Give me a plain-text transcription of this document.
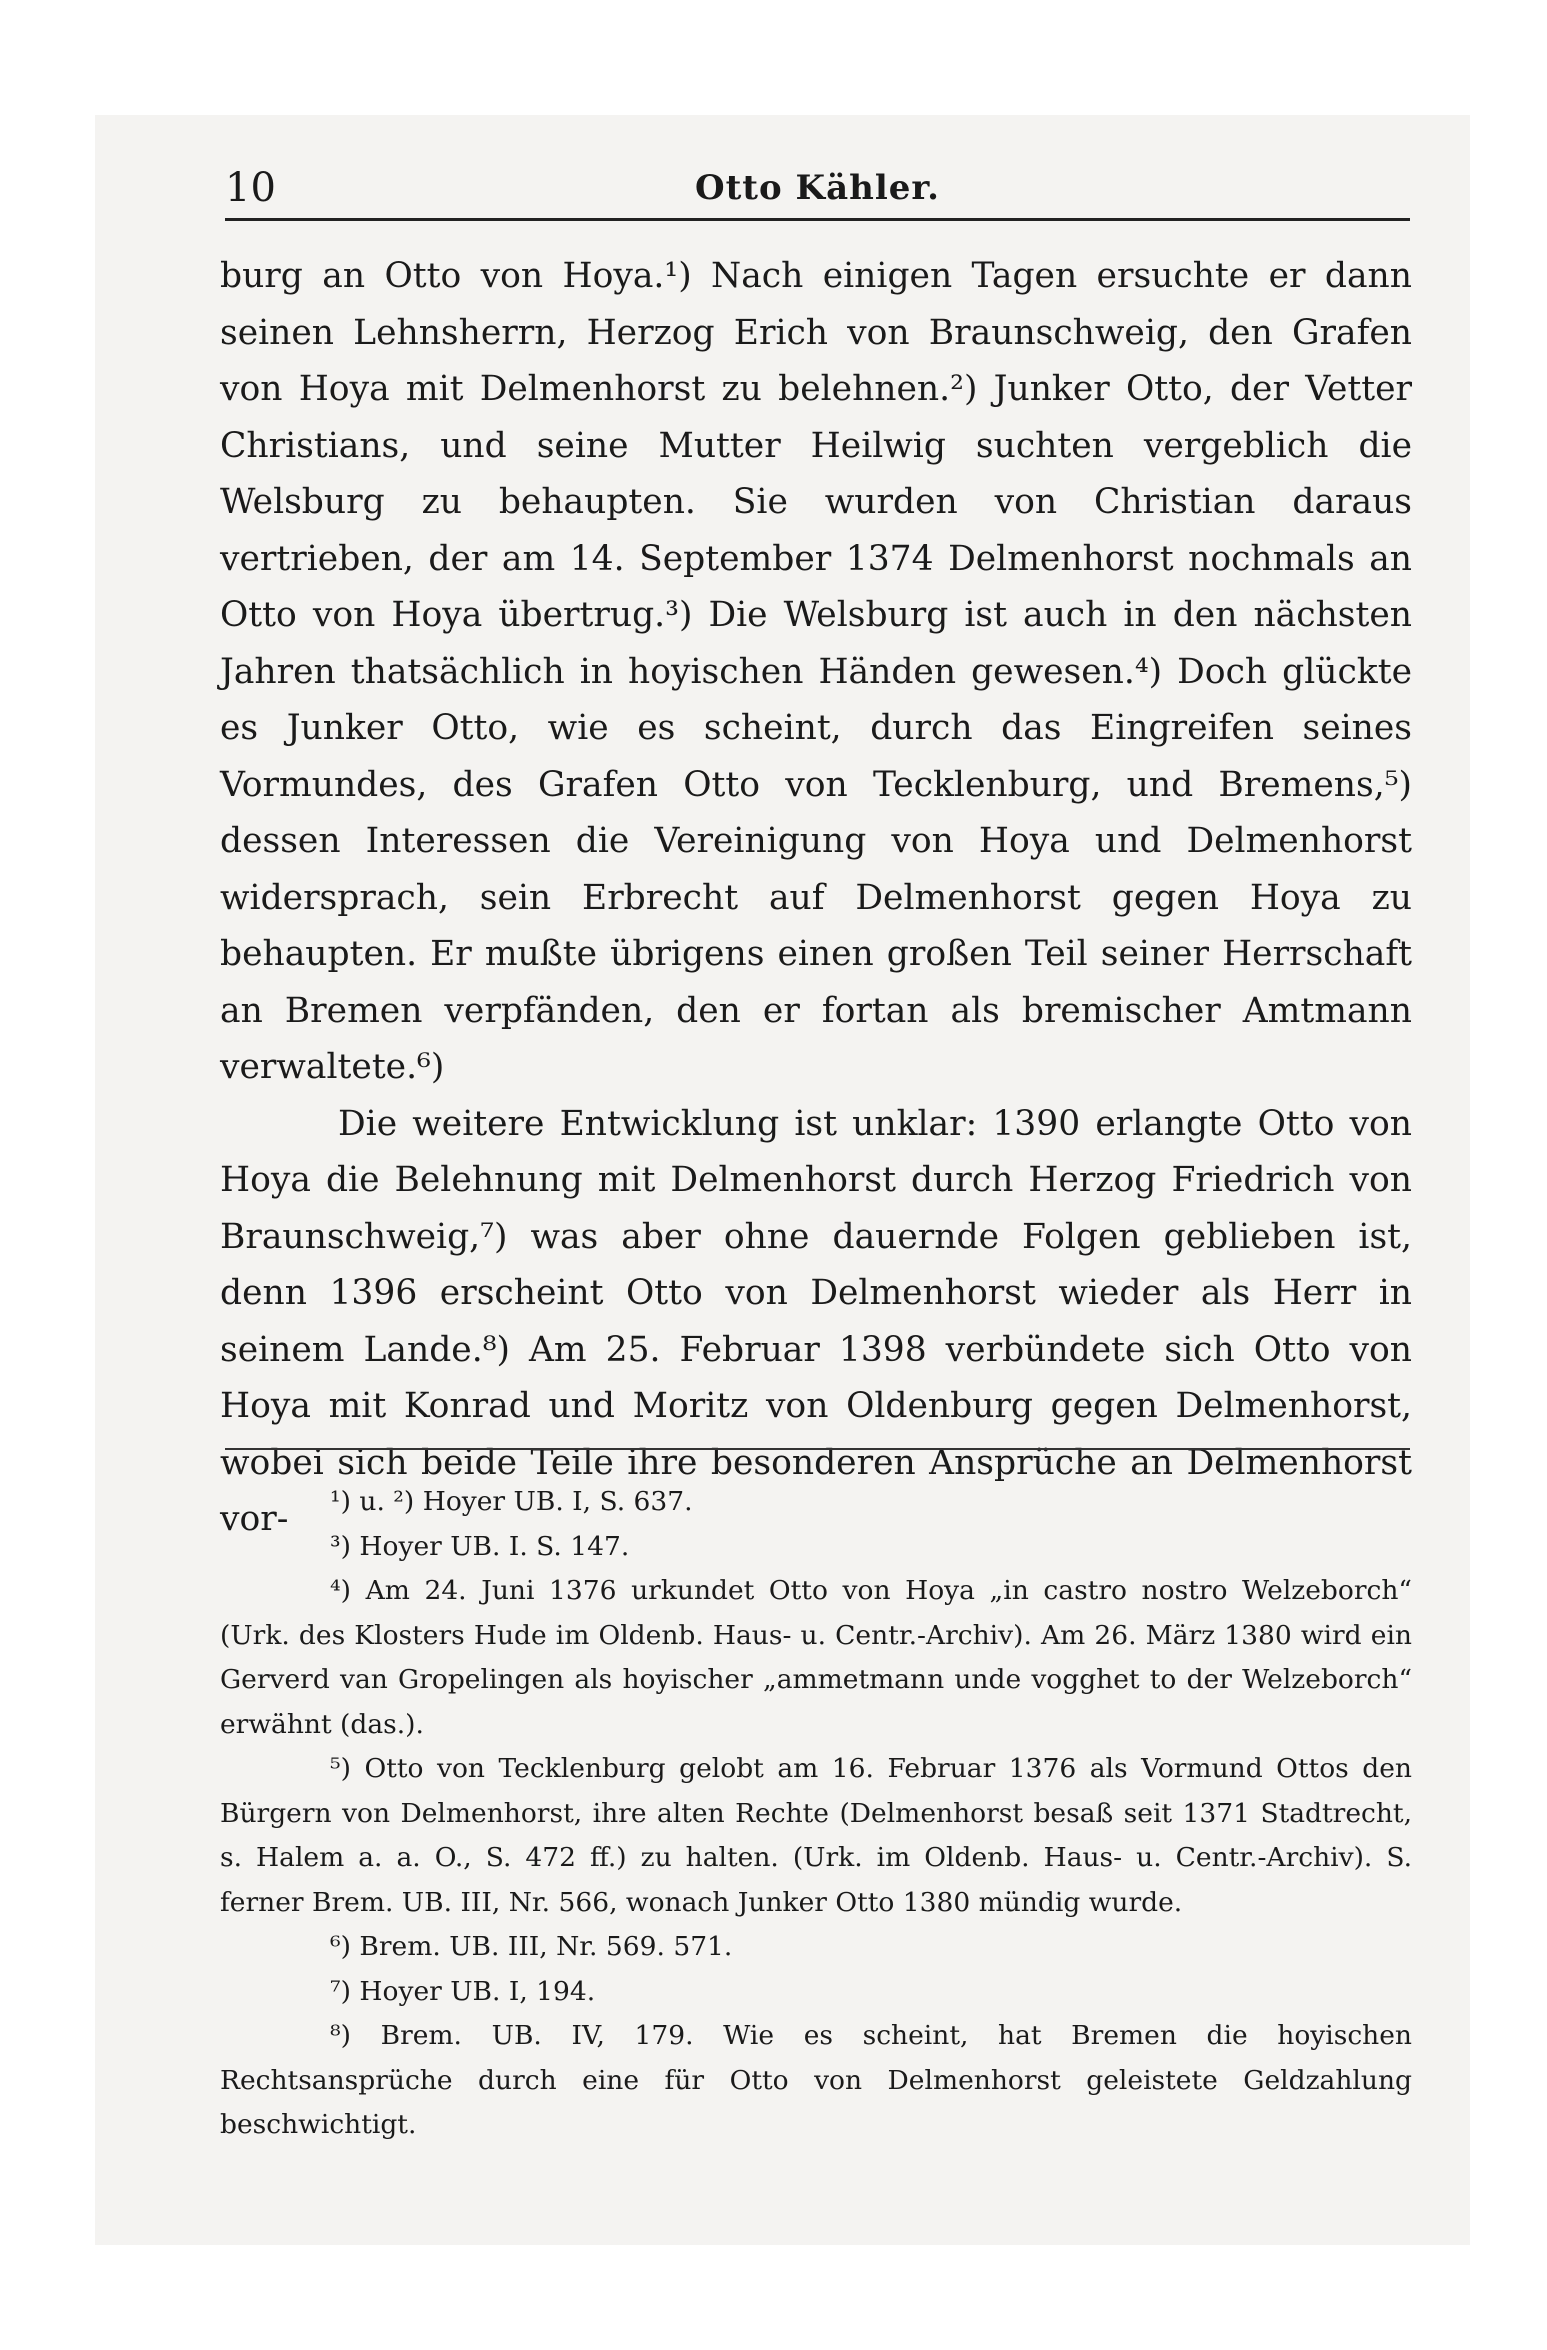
10	Otto Kähler.

burg an Otto von Hoya.¹) Nach einigen Tagen ersuchte er dann seinen Lehnsherrn, Herzog Erich von Braunschweig, den Grafen von Hoya mit Delmenhorst zu belehnen.²) Junker Otto, der Vetter Christians, und seine Mutter Heilwig suchten vergeblich die Welsburg zu behaupten. Sie wurden von Christian daraus vertrieben, der am 14. September 1374 Delmenhorst nochmals an Otto von Hoya übertrug.³) Die Welsburg ist auch in den nächsten Jahren thatsächlich in hoyischen Händen gewesen.⁴) Doch glückte es Junker Otto, wie es scheint, durch das Eingreifen seines Vormundes, des Grafen Otto von Tecklenburg, und Bremens,⁵) dessen Interessen die Vereinigung von Hoya und Delmenhorst widersprach, sein Erbrecht auf Delmenhorst gegen Hoya zu behaupten. Er mußte übrigens einen großen Teil seiner Herrschaft an Bremen verpfänden, den er fortan als bremischer Amtmann verwaltete.⁶)

Die weitere Entwicklung ist unklar: 1390 erlangte Otto von Hoya die Belehnung mit Delmenhorst durch Herzog Friedrich von Braunschweig,⁷) was aber ohne dauernde Folgen geblieben ist, denn 1396 erscheint Otto von Delmenhorst wieder als Herr in seinem Lande.⁸) Am 25. Februar 1398 verbündete sich Otto von Hoya mit Konrad und Moritz von Oldenburg gegen Delmenhorst, wobei sich beide Teile ihre besonderen Ansprüche an Delmenhorst vor-	¹) u. ²) Hoyer UB. I, S. 637.

³) Hoyer UB. I. S. 147.

⁴) Am 24. Juni 1376 urkundet Otto von Hoya „in castro nostro Welzeborch“ (Urk. des Klosters Hude im Oldenb. Haus- u. Centr.-Archiv). Am 26. März 1380 wird ein Gerverd van Gropelingen als hoyischer „ammetmann unde vogghet to der Welzeborch“ erwähnt (das.).

⁵) Otto von Tecklenburg gelobt am 16. Februar 1376 als Vormund Ottos den Bürgern von Delmenhorst, ihre alten Rechte (Delmenhorst besaß seit 1371 Stadtrecht, s. Halem a. a. O., S. 472 ff.) zu halten. (Urk. im Oldenb. Haus- u. Centr.-Archiv). S. ferner Brem. UB. III, Nr. 566, wonach Junker Otto 1380 mündig wurde.

⁶) Brem. UB. III, Nr. 569. 571.

⁷) Hoyer UB. I, 194.

⁸) Brem. UB. IV, 179. Wie es scheint, hat Bremen die hoyischen Rechtsansprüche durch eine für Otto von Delmenhorst geleistete Geldzahlung beschwichtigt.
